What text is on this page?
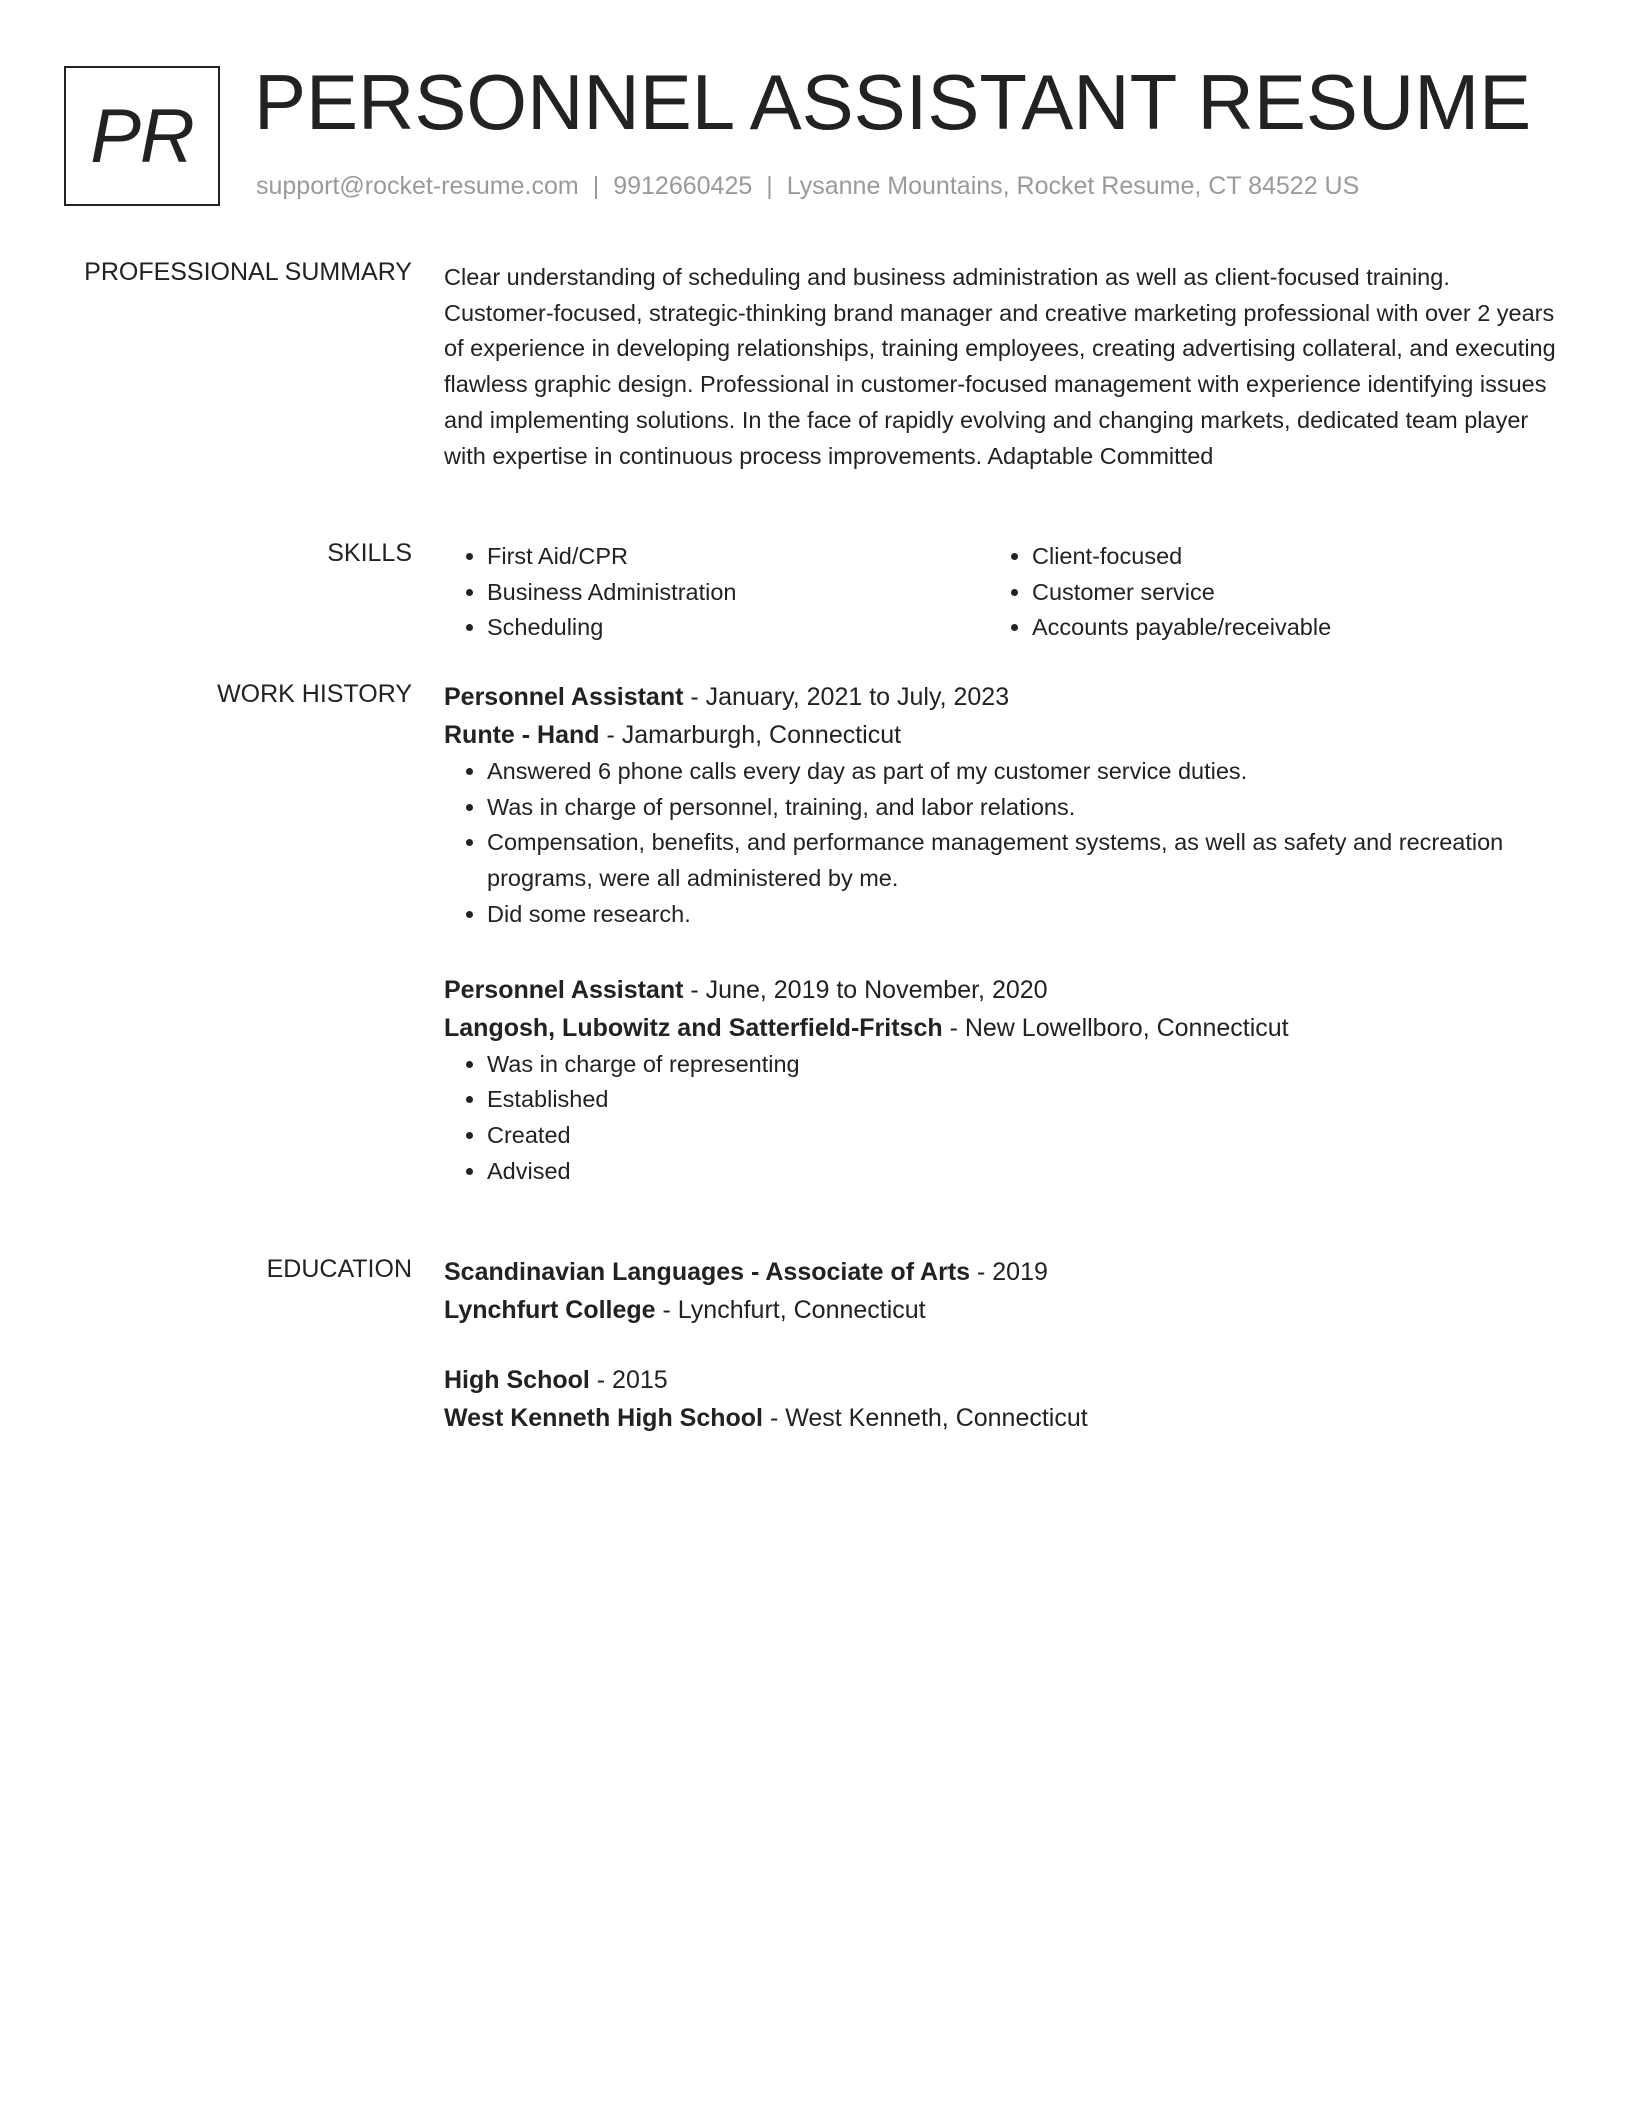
PR PERSONNEL ASSISTANT RESUME
support@rocket-resume.com | 9912660425 | Lysanne Mountains, Rocket Resume, CT 84522 US
PROFESSIONAL SUMMARY Clear understanding of scheduling and business administration as well as client-focused training. Customer-focused, strategic-thinking brand manager and creative marketing professional with over 2 years of experience in developing relationships, training employees, creating advertising collateral, and executing flawless graphic design. Professional in customer-focused management with experience identifying issues and implementing solutions. In the face of rapidly evolving and changing markets, dedicated team player with expertise in continuous process improvements. Adaptable Committed

SKILLS
•	First Aid/CPR
• Business Administration
• Scheduling
• Client-focused
• Customer service
• Accounts payable/receivable
WORK HISTORY Personnel Assistant - January, 2021 to July, 2023
Runte - Hand - Jamarburgh, Connecticut
• Answered 6 phone calls every day as part of my customer service duties.
• Was in charge of personnel, training, and labor relations.
• Compensation, benefits, and performance management systems, as well as safety and recreation programs, were all administered by me.
• Did some research.
Personnel Assistant - June, 2019 to November, 2020
Langosh, Lubowitz and Satterfield-Fritsch - New Lowellboro, Connecticut
• Was in charge of representing
• Established
• Created
• Advised
EDUCATION Scandinavian Languages - Associate of Arts - 2019
Lynchfurt College - Lynchfurt, Connecticut
High School - 2015
West Kenneth High School - West Kenneth, Connecticut
